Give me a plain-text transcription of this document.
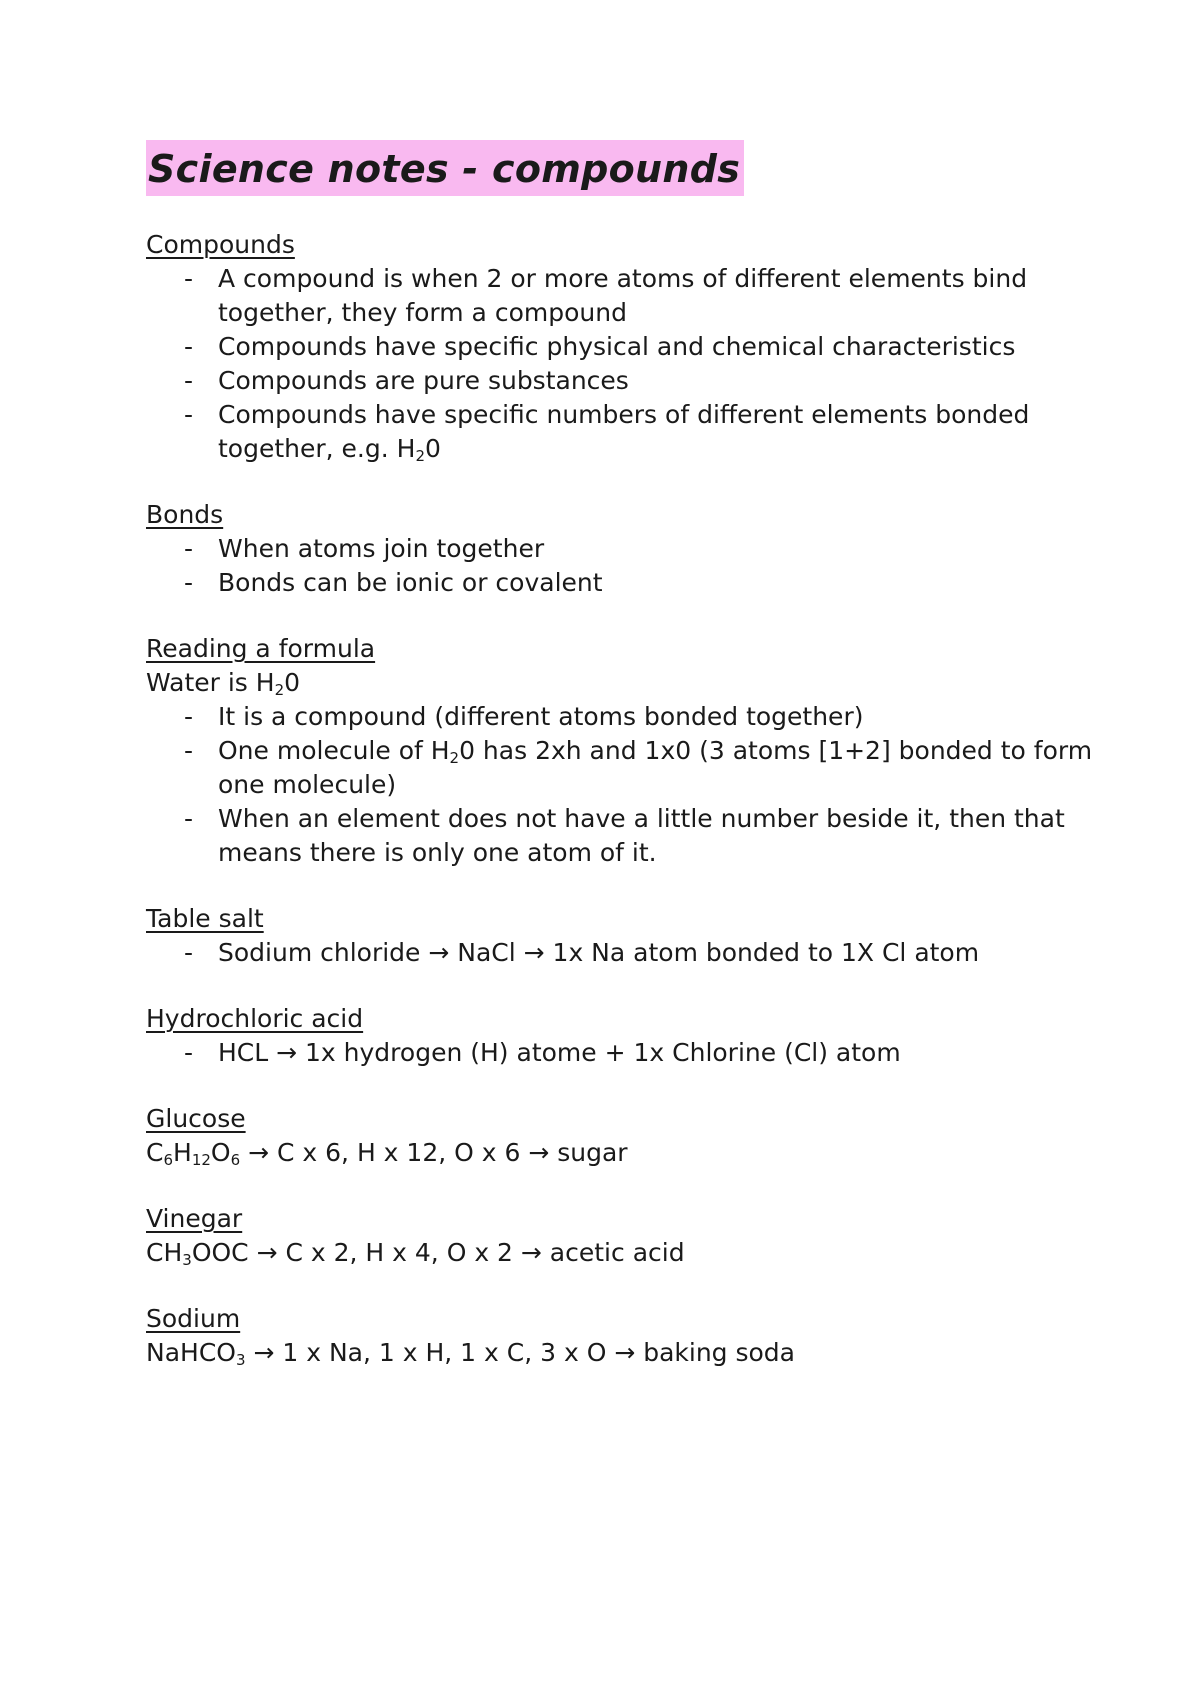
Science notes - compounds

Compounds

- A compound is when 2 or more atoms of different elements bind together, they form a compound
- Compounds have specific physical and chemical characteristics
- Compounds are pure substances
- Compounds have specific numbers of different elements bonded together, e.g. $H_20$

Bonds

- When atoms join together
- Bonds can be ionic or covalent

Reading a formula

Water is $H_20$

- It is a compound (different atoms bonded together)
- One molecule of $H_20$ has 2xh and 1x0 (3 atoms [1+2] bonded to form one molecule)
- When an element does not have a little number beside it, then that means there is only one atom of it.

Table salt

- Sodium chloride → NaCl → 1x Na atom bonded to 1X Cl atom

Hydrochloric acid

- HCL → 1x hydrogen (H) atome + 1x Chlorine (Cl) atom

Glucose

$C_6H_{12}O_6 \to C$ x 6, H x 12, O x 6 → sugar

Vinegar

$CH_3OOC \to C$ x 2, H x 4, O x 2 → acetic acid

Sodium

NaHCO$_3$ → 1 x Na, 1 x H, 1 x C, 3 x O → baking soda
